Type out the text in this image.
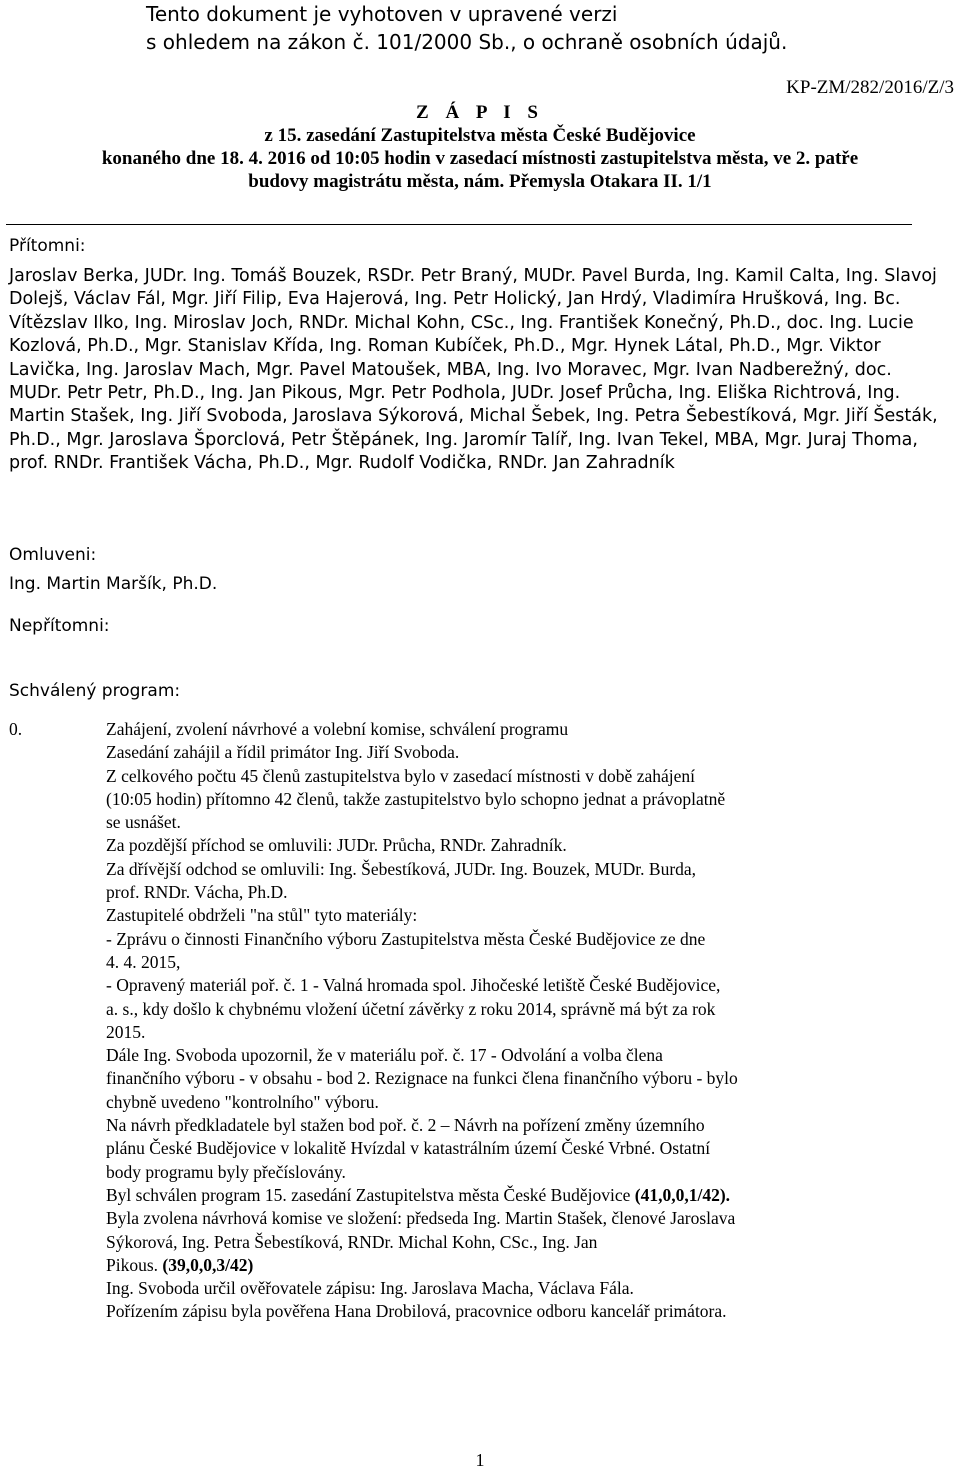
Tento dokument je vyhotoven v upravené verzi
s ohledem na zákon č. 101/2000 Sb., o ochraně osobních údajů.
KP-ZM/282/2016/Z/3
Z Á P I S
z 15. zasedání Zastupitelstva města České Budějovice
konaného dne 18. 4. 2016 od 10:05 hodin v zasedací místnosti zastupitelstva města, ve 2. patře
budovy magistrátu města, nám. Přemysla Otakara II. 1/1
Přítomni:
Jaroslav Berka, JUDr. Ing. Tomáš Bouzek, RSDr. Petr Braný, MUDr. Pavel Burda, Ing. Kamil Calta, Ing. Slavoj Dolejš, Václav Fál, Mgr. Jiří Filip, Eva Hajerová, Ing. Petr Holický, Jan Hrdý, Vladimíra Hrušková, Ing. Bc. Vítězslav Ilko, Ing. Miroslav Joch, RNDr. Michal Kohn, CSc., Ing. František Konečný, Ph.D., doc. Ing. Lucie Kozlová, Ph.D., Mgr. Stanislav Křída, Ing. Roman Kubíček, Ph.D., Mgr. Hynek Látal, Ph.D., Mgr. Viktor Lavička, Ing. Jaroslav Mach, Mgr. Pavel Matoušek, MBA, Ing. Ivo Moravec, Mgr. Ivan Nadberežný, doc. MUDr. Petr Petr, Ph.D., Ing. Jan Pikous, Mgr. Petr Podhola, JUDr. Josef Průcha, Ing. Eliška Richtrová, Ing. Martin Stašek, Ing. Jiří Svoboda, Jaroslava Sýkorová, Michal Šebek, Ing. Petra Šebestíková, Mgr. Jiří Šesták, Ph.D., Mgr. Jaroslava Šporclová, Petr Štěpánek, Ing. Jaromír Talíř, Ing. Ivan Tekel, MBA, Mgr. Juraj Thoma, prof. RNDr. František Vácha, Ph.D., Mgr. Rudolf Vodička, RNDr. Jan Zahradník
Omluveni:
Ing. Martin Maršík, Ph.D.
Nepřítomni:
Schválený program:
0.	Zahájení, zvolení návrhové a volební komise, schválení programu
Zasedání zahájil a řídil primátor Ing. Jiří Svoboda.
Z celkového počtu 45 členů zastupitelstva bylo v zasedací místnosti v době zahájení
(10:05 hodin) přítomno 42 členů, takže zastupitelstvo bylo schopno jednat a právoplatně
se usnášet.
Za pozdější příchod se omluvili: JUDr. Průcha, RNDr. Zahradník.
Za dřívější odchod se omluvili: Ing. Šebestíková, JUDr. Ing. Bouzek, MUDr. Burda,
prof. RNDr. Vácha, Ph.D.
Zastupitelé obdrželi "na stůl" tyto materiály:
- Zprávu o činnosti Finančního výboru Zastupitelstva města České Budějovice ze dne
4. 4. 2015,
- Opravený materiál poř. č. 1 - Valná hromada spol. Jihočeské letiště České Budějovice,
a. s., kdy došlo k chybnému vložení účetní závěrky z roku 2014, správně má být za rok
2015.
Dále Ing. Svoboda upozornil, že v materiálu poř. č. 17 - Odvolání a volba člena
finančního výboru - v obsahu - bod 2. Rezignace na funkci člena finančního výboru - bylo
chybně uvedeno "kontrolního" výboru.
Na návrh předkladatele byl stažen bod poř. č. 2 – Návrh na pořízení změny územního
plánu České Budějovice v lokalitě Hvízdal v katastrálním území České Vrbné. Ostatní
body programu byly přečíslovány.
Byl schválen program 15. zasedání Zastupitelstva města České Budějovice (41,0,0,1/42).
Byla zvolena návrhová komise ve složení: předseda Ing. Martin Stašek, členové Jaroslava
Sýkorová, Ing. Petra Šebestíková, RNDr. Michal Kohn, CSc., Ing. Jan
Pikous. (39,0,0,3/42)
Ing. Svoboda určil ověřovatele zápisu: Ing. Jaroslava Macha, Václava Fála.
Pořízením zápisu byla pověřena Hana Drobilová, pracovnice odboru kancelář primátora.
1
